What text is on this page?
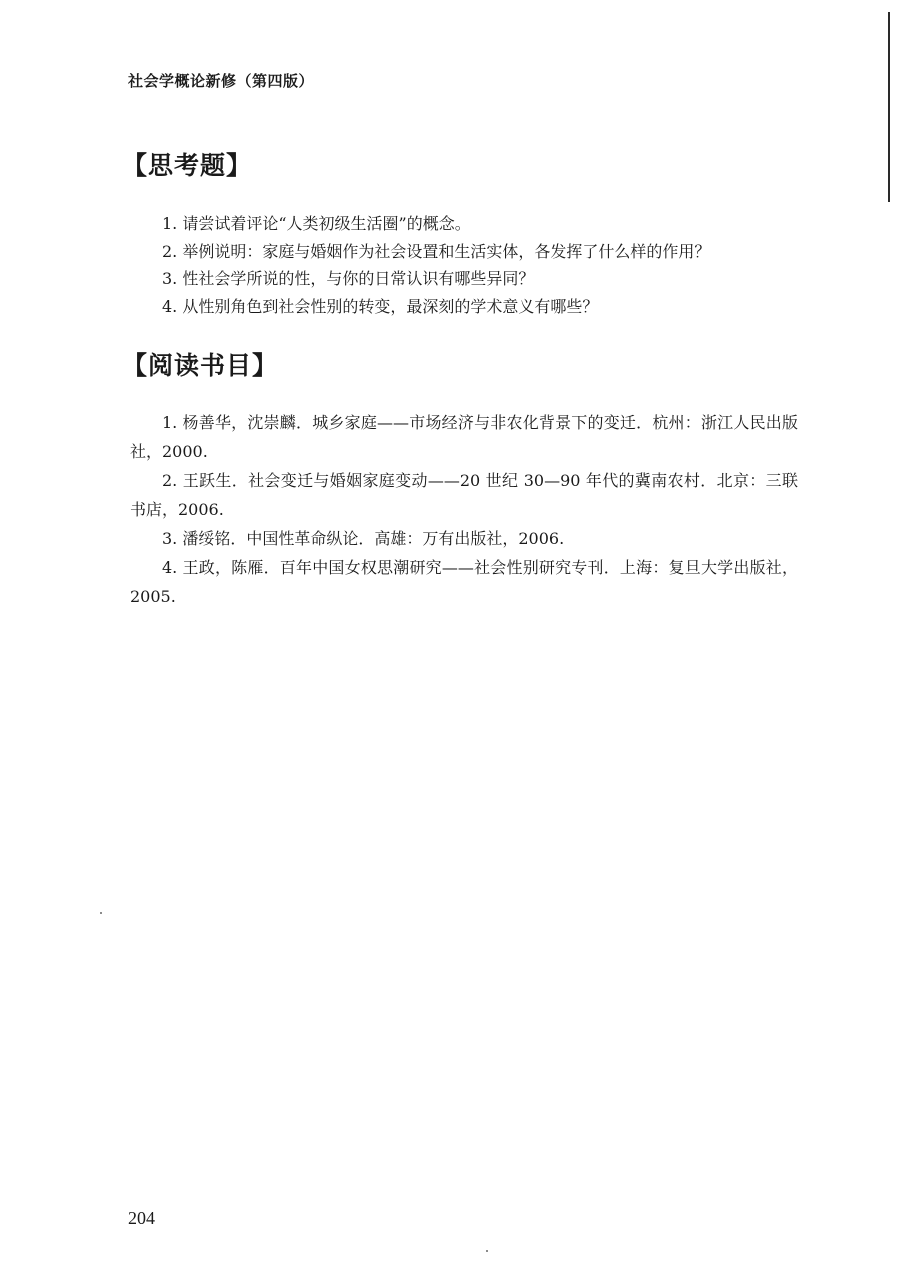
社会学概论新修（第四版）
【思考题】
1. 请尝试着评论“人类初级生活圈”的概念。
2. 举例说明：家庭与婚姻作为社会设置和生活实体，各发挥了什么样的作用？
3. 性社会学所说的性，与你的日常认识有哪些异同？
4. 从性别角色到社会性别的转变，最深刻的学术意义有哪些？
【阅读书目】
1. 杨善华，沈崇麟．城乡家庭——市场经济与非农化背景下的变迁．杭州：浙江人民出版社，2000.
2. 王跃生．社会变迁与婚姻家庭变动——20 世纪 30—90 年代的冀南农村．北京：三联书店，2006.
3. 潘绥铭．中国性革命纵论．高雄：万有出版社，2006.
4. 王政，陈雁．百年中国女权思潮研究——社会性别研究专刊．上海：复旦大学出版社，2005.
204
